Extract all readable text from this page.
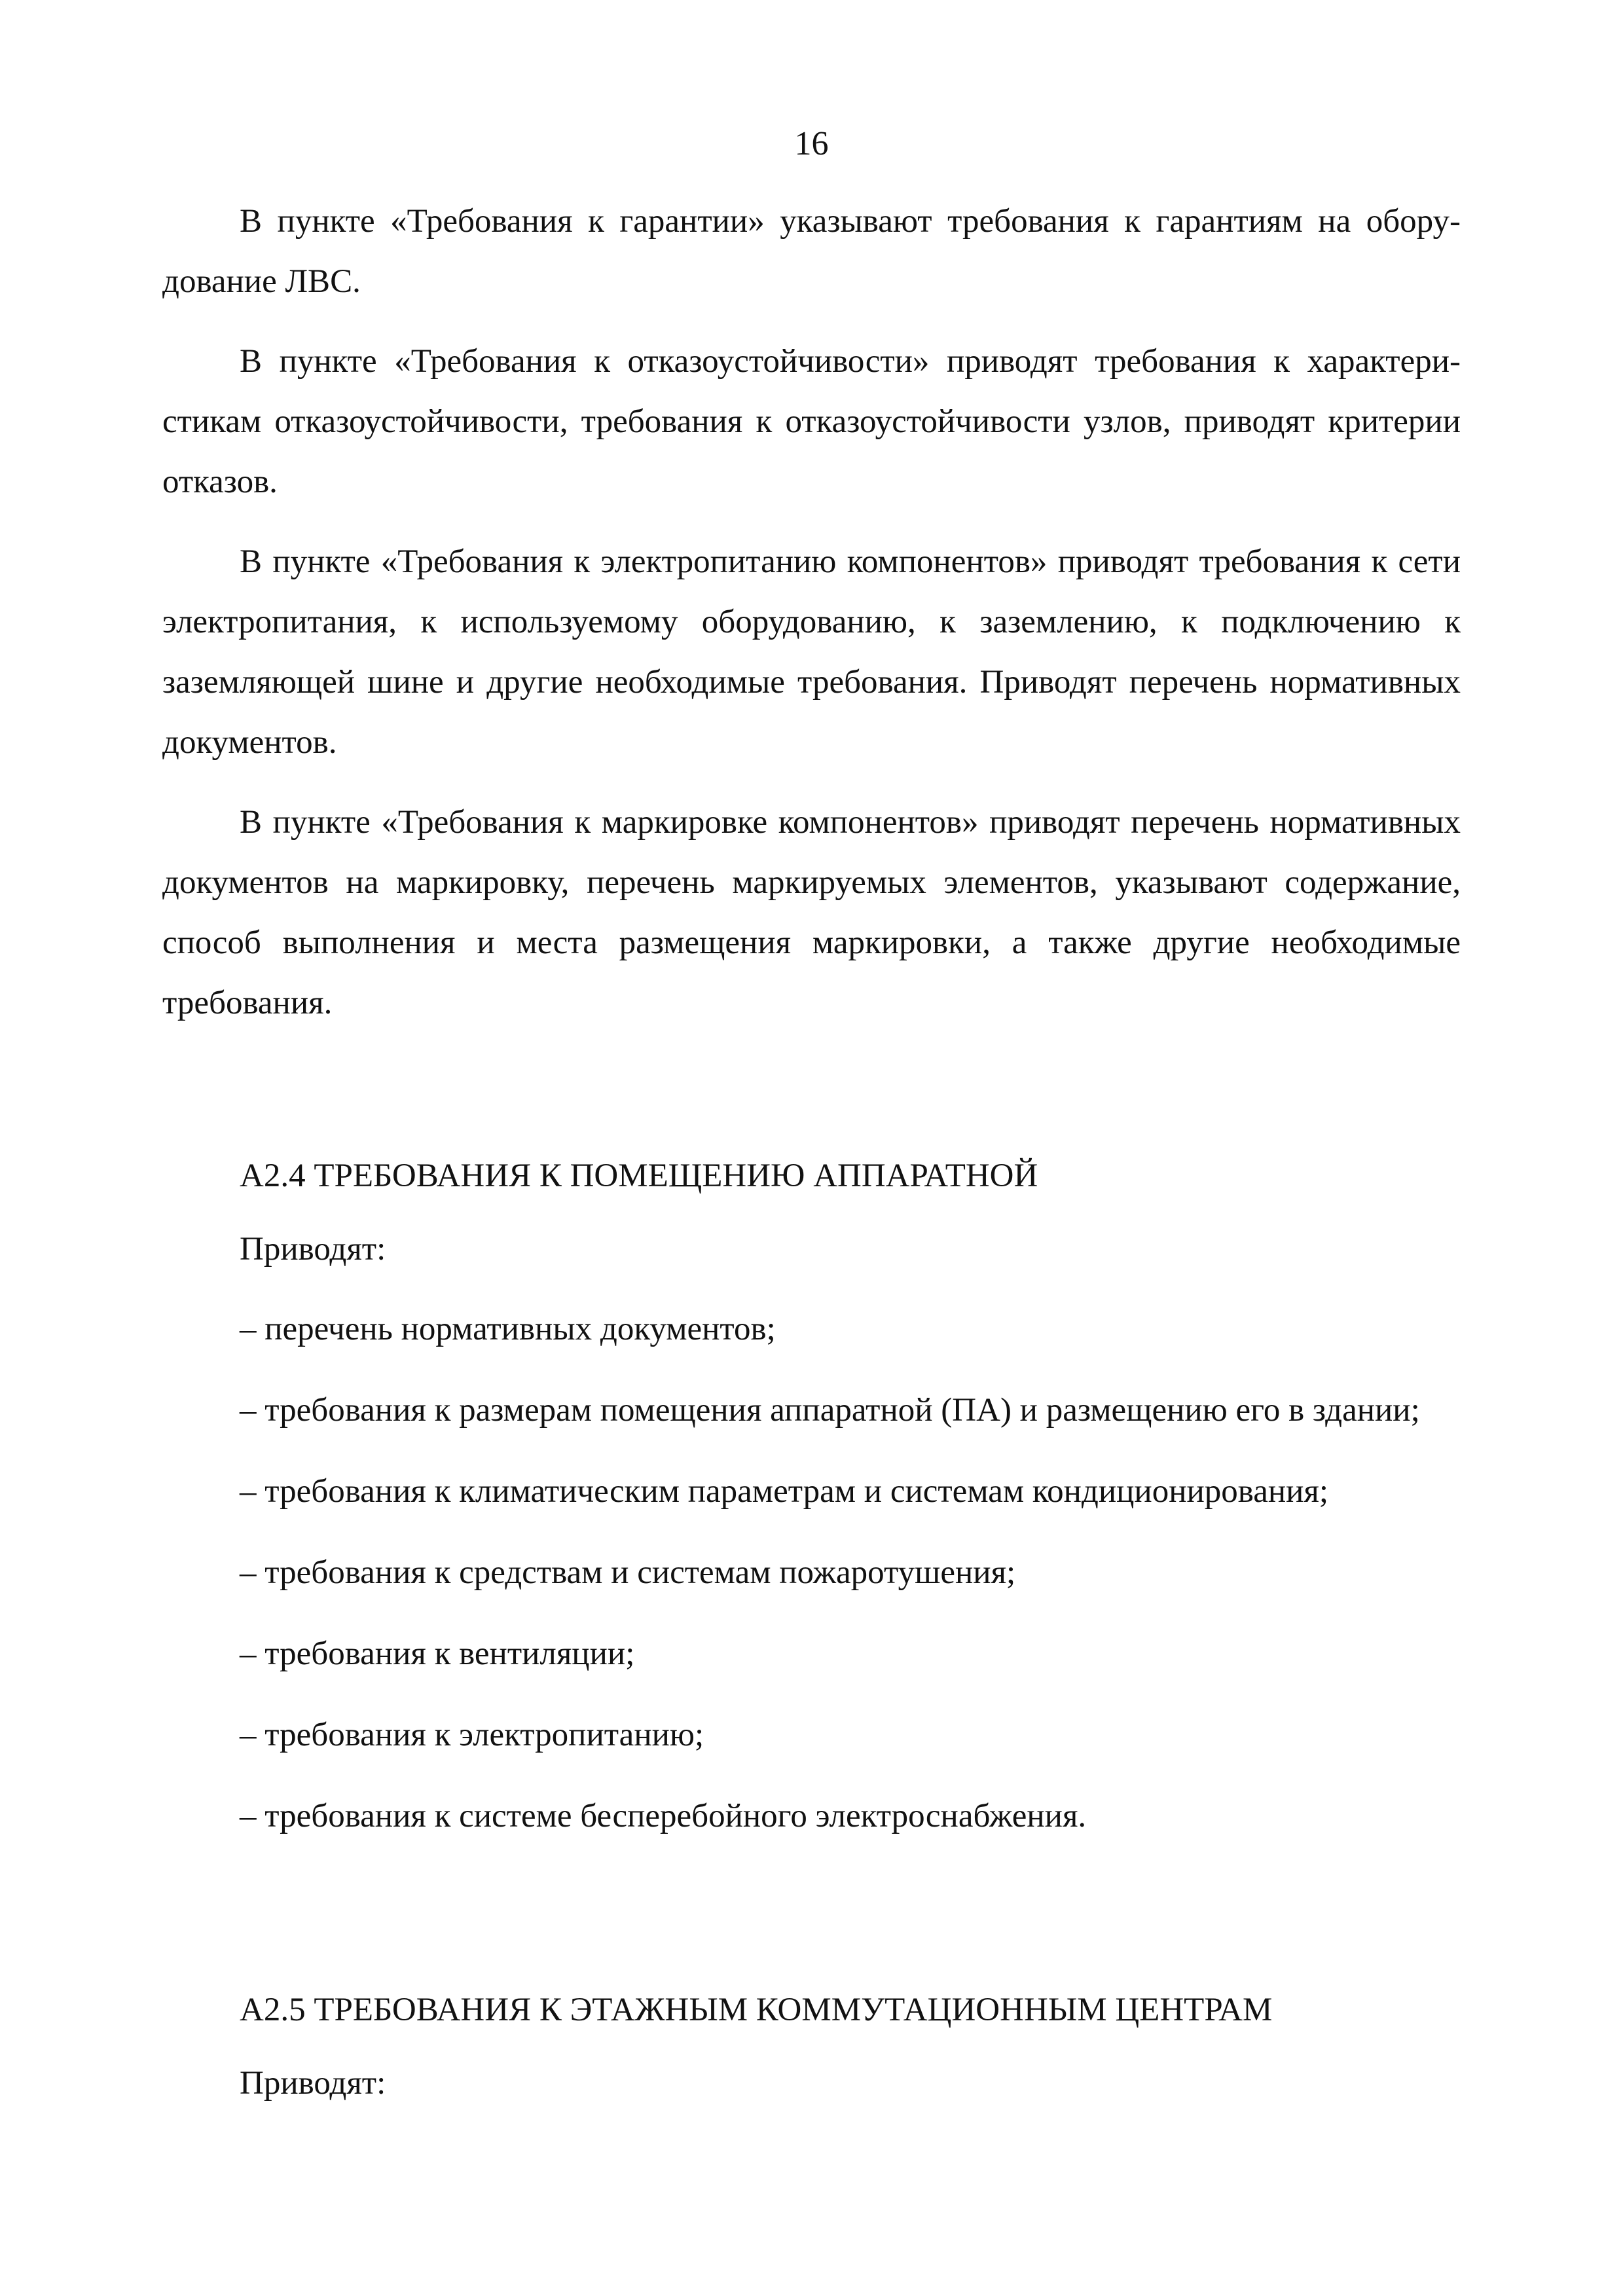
16

В пункте «Требования к гарантии» указывают требования к гарантиям на оборудование ЛВС.

В пункте «Требования к отказоустойчивости» приводят требования к характеристикам отказоустойчивости, требования к отказоустойчивости узлов, приводят критерии отказов.

В пункте «Требования к электропитанию компонентов» приводят требования к сети электропитания, к используемому оборудованию, к заземлению, к подключению к заземляющей шине и другие необходимые требования. Приводят перечень нормативных документов.

В пункте «Требования к маркировке компонентов» приводят перечень нормативных документов на маркировку, перечень маркируемых элементов, указывают содержание, способ выполнения и места размещения маркировки, а также другие необходимые требования.

А2.4 ТРЕБОВАНИЯ К ПОМЕЩЕНИЮ АППАРАТНОЙ

Приводят:

– перечень нормативных документов;
– требования к размерам помещения аппаратной (ПА) и размещению его в здании;
– требования к климатическим параметрам и системам кондиционирования;
– требования к средствам и системам пожаротушения;
– требования к вентиляции;
– требования к электропитанию;
– требования к системе бесперебойного электроснабжения.

А2.5 ТРЕБОВАНИЯ К ЭТАЖНЫМ КОММУТАЦИОННЫМ ЦЕНТРАМ

Приводят:
